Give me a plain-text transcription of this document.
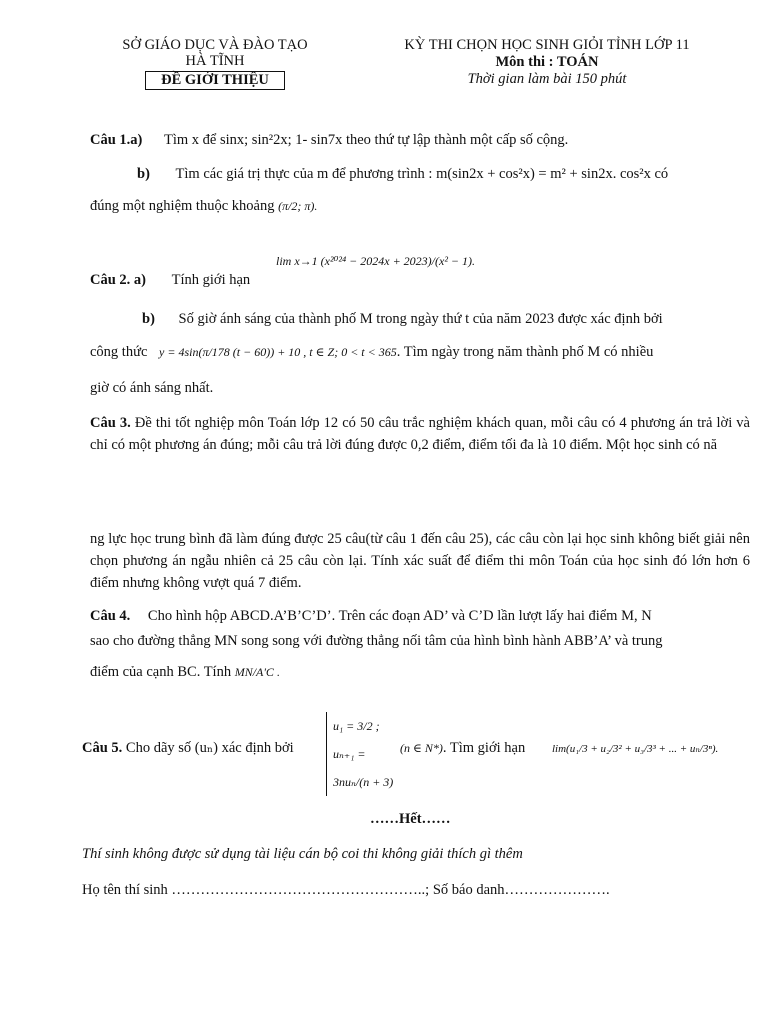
SỞ GIÁO DỤC VÀ ĐÀO TẠO
HÀ TĨNH
ĐỀ GIỚI THIỆU
KỲ THI CHỌN HỌC SINH GIỎI TỈNH LỚP 11
Môn thi : TOÁN
Thời gian làm bài 150 phút
Câu 1.a) Tìm x để sinx; sin²2x; 1- sin7x theo thứ tự lập thành một cấp số cộng.
b) Tìm các giá trị thực của m để phương trình : m(sin2x + cos²x) = m² + sin2x. cos²x có
đúng một nghiệm thuộc khoảng (π/2; π).
Câu 2. a) Tính giới hạn
lim x→1 (x²⁰²⁴ − 2024x + 2023)/(x² − 1).
b) Số giờ ánh sáng của thành phố M trong ngày thứ t của năm 2023 được xác định bởi
công thức y = 4sin(π/178 (t − 60)) + 10 , t ∈ Z; 0 < t < 365. Tìm ngày trong năm thành phố M có nhiều
giờ có ánh sáng nhất.
Câu 3. Đề thi tốt nghiệp môn Toán lớp 12 có 50 câu trắc nghiệm khách quan, mỗi câu có 4 phương án trả lời và chỉ có một phương án đúng; mỗi câu trả lời đúng được 0,2 điểm, điểm tối đa là 10 điểm. Một học sinh có nă
ng lực học trung bình đã làm đúng được 25 câu(từ câu 1 đến câu 25), các câu còn lại học sinh không biết giải nên chọn phương án ngẫu nhiên cả 25 câu còn lại. Tính xác suất để điểm thi môn Toán của học sinh đó lớn hơn 6 điểm nhưng không vượt quá 7 điểm.
Câu 4. Cho hình hộp ABCD.A’B’C’D’. Trên các đoạn AD’ và C’D lần lượt lấy hai điểm M, N
sao cho đường thẳng MN song song với đường thẳng nối tâm của hình bình hành ABB’A’ và trung
điểm của cạnh BC. Tính MN/A'C .
Câu 5. Cho dãy số (uₙ) xác định bởi
u₁ = 3/2 ; uₙ₊₁ = 3nuₙ/(n + 3)
(n ∈ N*). Tìm giới hạn lim(u₁/3 + u₂/3² + u₃/3³ + ... + uₙ/3ⁿ).
……Hết……
Thí sinh không được sử dụng tài liệu cán bộ coi thi không giải thích gì thêm
Họ tên thí sinh ……………………………………………..; Số báo danh………………….
